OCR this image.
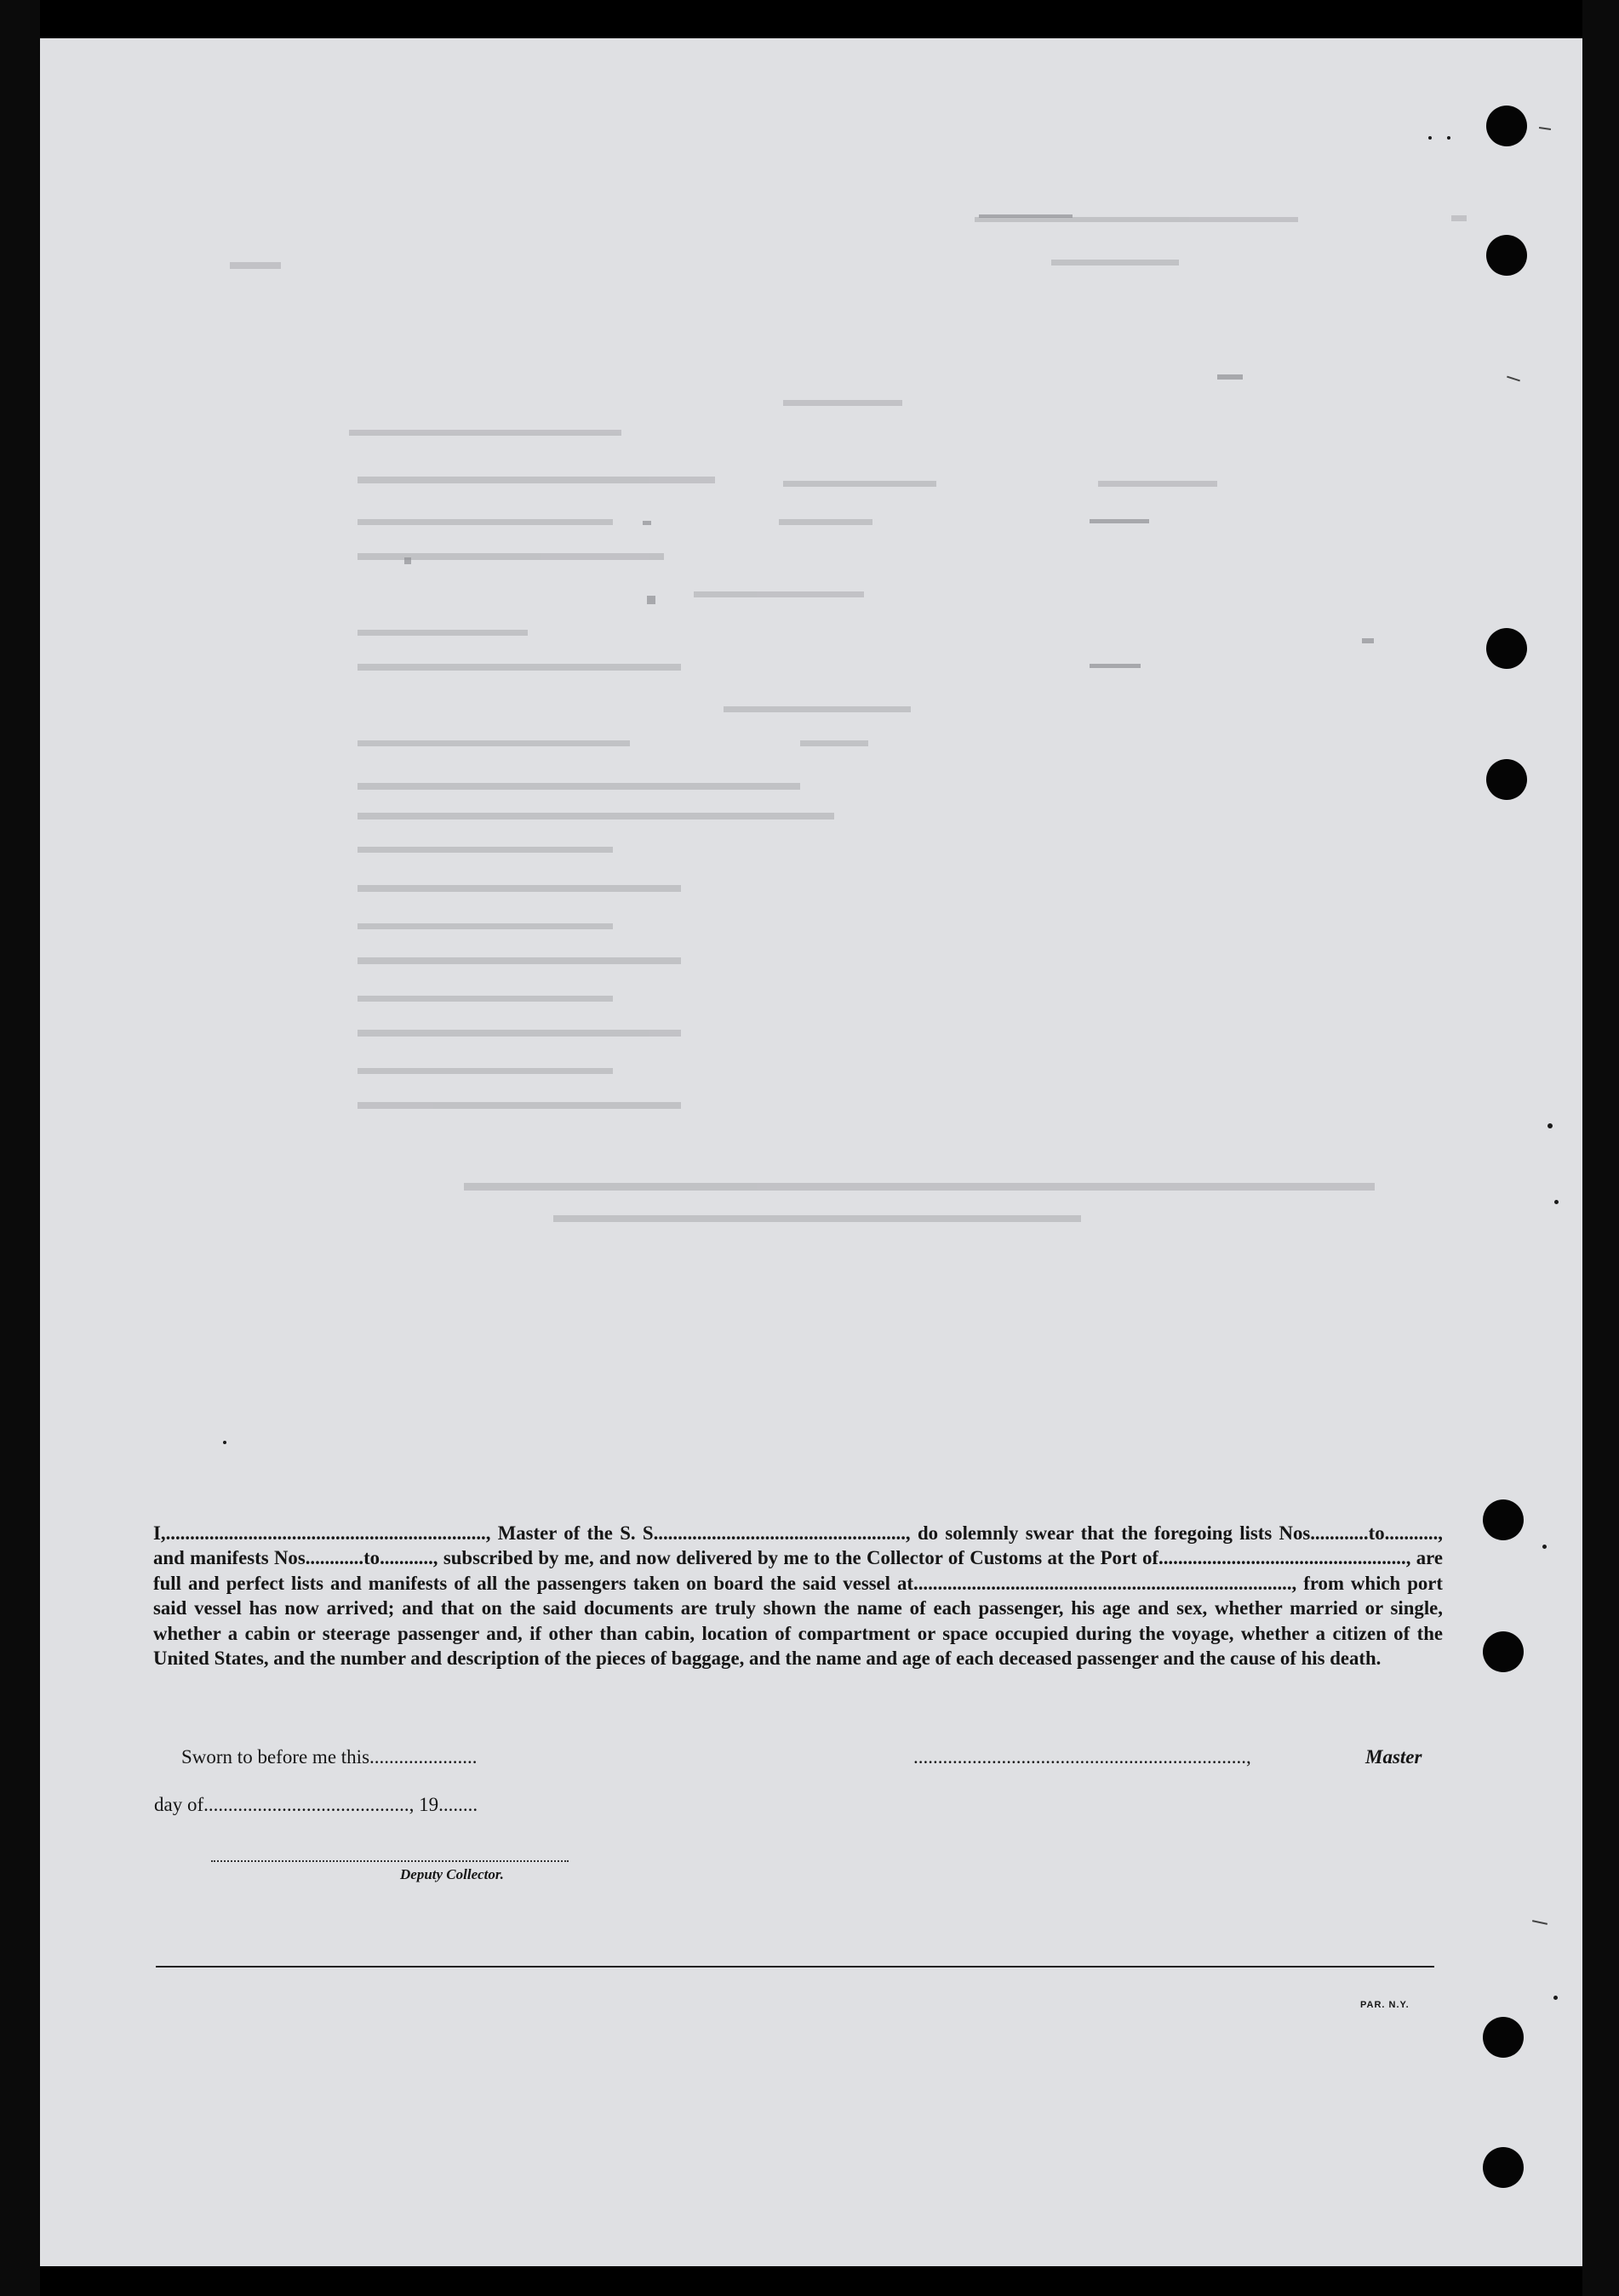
I,.................................................................., Master of the S. S...................................................., do solemnly swear that the foregoing lists Nos............to..........., and manifests Nos............to..........., subscribed by me, and now delivered by me to the Collector of Customs at the Port of..................................................., are full and perfect lists and manifests of all the passengers taken on board the said vessel at.............................................................................., from which port said vessel has now arrived; and that on the said documents are truly shown the name of each passenger, his age and sex, whether married or single, whether a cabin or steerage passenger and, if other than cabin, location of compartment or space occupied during the voyage, whether a citizen of the United States, and the number and description of the pieces of baggage, and the name and age of each deceased passenger and the cause of his death.

Sworn to before me this......................	....................................................................,	Master
day of.........................................., 19........
Deputy Collector.
PAR. N.Y.
